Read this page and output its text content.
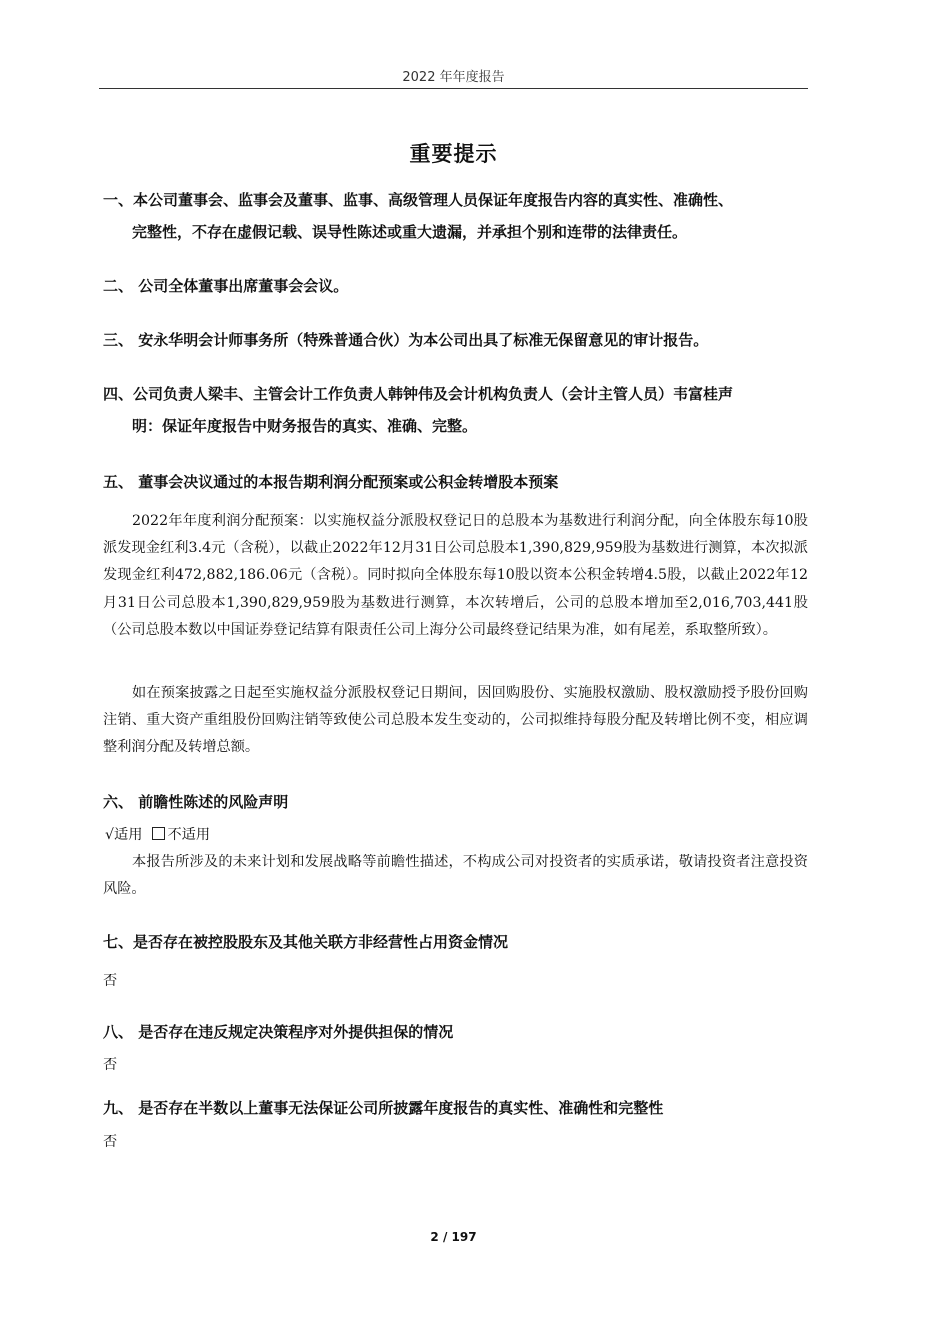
2022 年年度报告
重要提示
一、本公司董事会、监事会及董事、监事、高级管理人员保证年度报告内容的真实性、准确性、
完整性，不存在虚假记载、误导性陈述或重大遗漏，并承担个别和连带的法律责任。
二、 公司全体董事出席董事会会议。
三、 安永华明会计师事务所（特殊普通合伙）为本公司出具了标准无保留意见的审计报告。
四、公司负责人梁丰、主管会计工作负责人韩钟伟及会计机构负责人（会计主管人员）韦富桂声
明：保证年度报告中财务报告的真实、准确、完整。
五、 董事会决议通过的本报告期利润分配预案或公积金转增股本预案
2022年年度利润分配预案：以实施权益分派股权登记日的总股本为基数进行利润分配，向全体股东每10股派发现金红利3.4元（含税），以截止2022年12月31日公司总股本1,390,829,959股为基数进行测算，本次拟派发现金红利472,882,186.06元（含税）。同时拟向全体股东每10股以资本公积金转增4.5股，以截止2022年12月31日公司总股本1,390,829,959股为基数进行测算，本次转增后，公司的总股本增加至2,016,703,441股（公司总股本数以中国证券登记结算有限责任公司上海分公司最终登记结果为准，如有尾差，系取整所致）。
如在预案披露之日起至实施权益分派股权登记日期间，因回购股份、实施股权激励、股权激励授予股份回购注销、重大资产重组股份回购注销等致使公司总股本发生变动的，公司拟维持每股分配及转增比例不变，相应调整利润分配及转增总额。
六、 前瞻性陈述的风险声明
√适用 不适用
本报告所涉及的未来计划和发展战略等前瞻性描述，不构成公司对投资者的实质承诺，敬请投资者注意投资风险。
七、是否存在被控股股东及其他关联方非经营性占用资金情况
否
八、 是否存在违反规定决策程序对外提供担保的情况
否
九、 是否存在半数以上董事无法保证公司所披露年度报告的真实性、准确性和完整性
否
2 / 197
